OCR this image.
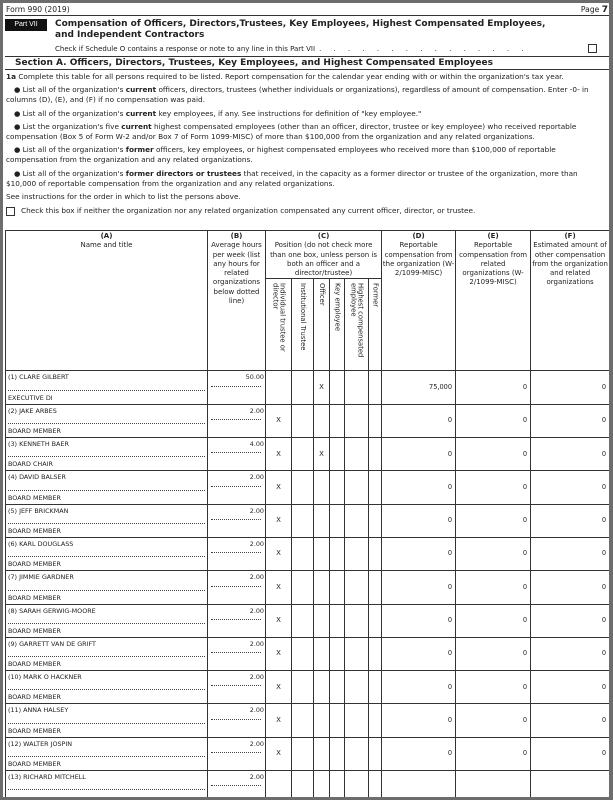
Form 990 (2019)	Page 7
Part VII	Compensation of Officers, Directors,Trustees, Key Employees, Highest Compensated Employees,
and Independent Contractors
Check if Schedule O contains a response or note to any line in this Part VII . . . . . . . . . . . . . . .
Section A. Officers, Directors, Trustees, Key Employees, and Highest Compensated Employees

1a Complete this table for all persons required to be listed. Report compensation for the calendar year ending with or within the organization's tax year.

● List all of the organization's current officers, directors, trustees (whether individuals or organizations), regardless of amount of compensation. Enter -0- in columns (D), (E), and (F) if no compensation was paid.

● List all of the organization's current key employees, if any. See instructions for definition of "key employee."

● List the organization's five current highest compensated employees (other than an officer, director, trustee or key employee) who received reportable compensation (Box 5 of Form W-2 and/or Box 7 of Form 1099-MISC) of more than $100,000 from the organization and any related organizations.

● List all of the organization's former officers, key employees, or highest compensated employees who received more than $100,000 of reportable compensation from the organization and any related organizations.

● List all of the organization's former directors or trustees that received, in the capacity as a former director or trustee of the organization, more than $10,000 of reportable compensation from the organization and any related organizations.

See instructions for the order in which to list the persons above.

Check this box if neither the organization nor any related organization compensated any current officer, director, or trustee.
(A)
Name and title	(B)
Average hours per week (list any hours for related organizations below dotted line)	(C)
Position (do not check more than one box, unless person is both an officer and a director/trustee)						(D)
Reportable compensation from the organization (W-2/1099-MISC)	(E)
Reportable compensation from related organizations (W-2/1099-MISC)	(F)
Estimated amount of other compensation from the organization and related organizations

		Individual trustee or director	Institutional Trustee	Officer	Key employee	Highest compensated employee	Former			

(1) CLARE GILBERT
EXECUTIVE DI	50.00			X				75,000	0	0

(2) JAKE ARBES
BOARD MEMBER	2.00	X						0	0	0

(3) KENNETH BAER
BOARD CHAIR	4.00	X		X				0	0	0

(4) DAVID BALSER
BOARD MEMBER	2.00	X						0	0	0

(5) JEFF BRICKMAN
BOARD MEMBER	2.00	X						0	0	0

(6) KARL DOUGLASS
BOARD MEMBER	2.00	X						0	0	0

(7) JIMMIE GARDNER
BOARD MEMBER	2.00	X						0	0	0

(8) SARAH GERWIG-MOORE
BOARD MEMBER	2.00	X						0	0	0

(9) GARRETT VAN DE GRIFT
BOARD MEMBER	2.00	X						0	0	0

(10) MARK O HACKNER
BOARD MEMBER	2.00	X						0	0	0

(11) ANNA HALSEY
BOARD MEMBER	2.00	X						0	0	0

(12) WALTER JOSPIN
BOARD MEMBER	2.00	X						0	0	0

(13) RICHARD MITCHELL	2.00									
